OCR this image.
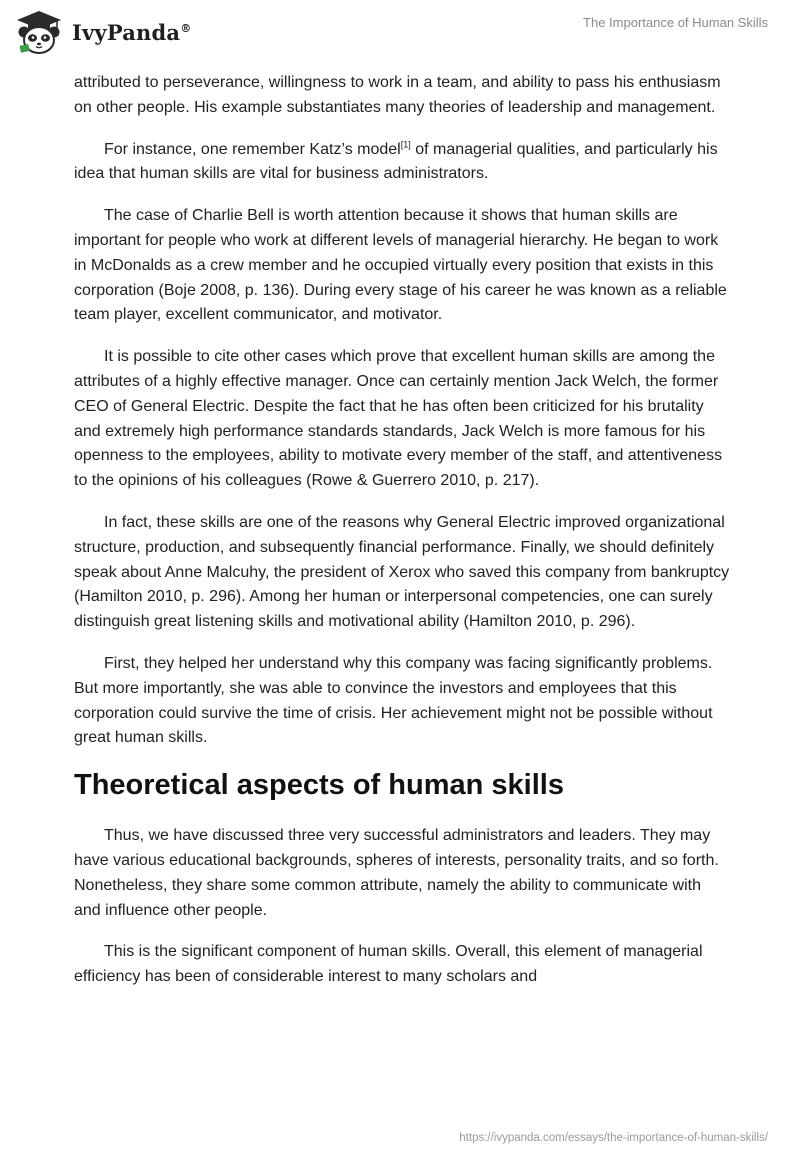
IvyPanda®	The Importance of Human Skills

attributed to perseverance, willingness to work in a team, and ability to pass his enthusiasm on other people. His example substantiates many theories of leadership and management.

For instance, one remember Katz’s model[1] of managerial qualities, and particularly his idea that human skills are vital for business administrators.

The case of Charlie Bell is worth attention because it shows that human skills are important for people who work at different levels of managerial hierarchy. He began to work in McDonalds as a crew member and he occupied virtually every position that exists in this corporation (Boje 2008, p. 136). During every stage of his career he was known as a reliable team player, excellent communicator, and motivator.

It is possible to cite other cases which prove that excellent human skills are among the attributes of a highly effective manager. Once can certainly mention Jack Welch, the former CEO of General Electric. Despite the fact that he has often been criticized for his brutality and extremely high performance standards standards, Jack Welch is more famous for his openness to the employees, ability to motivate every member of the staff, and attentiveness to the opinions of his colleagues (Rowe & Guerrero 2010, p. 217).

In fact, these skills are one of the reasons why General Electric improved organizational structure, production, and subsequently financial performance. Finally, we should definitely speak about Anne Malcuhy, the president of Xerox who saved this company from bankruptcy (Hamilton 2010, p. 296). Among her human or interpersonal competencies, one can surely distinguish great listening skills and motivational ability (Hamilton 2010, p. 296).

First, they helped her understand why this company was facing significantly problems. But more importantly, she was able to convince the investors and employees that this corporation could survive the time of crisis. Her achievement might not be possible without great human skills.

Theoretical aspects of human skills

Thus, we have discussed three very successful administrators and leaders. They may have various educational backgrounds, spheres of interests, personality traits, and so forth. Nonetheless, they share some common attribute, namely the ability to communicate with and influence other people.

This is the significant component of human skills. Overall, this element of managerial efficiency has been of considerable interest to many scholars and

https://ivypanda.com/essays/the-importance-of-human-skills/
